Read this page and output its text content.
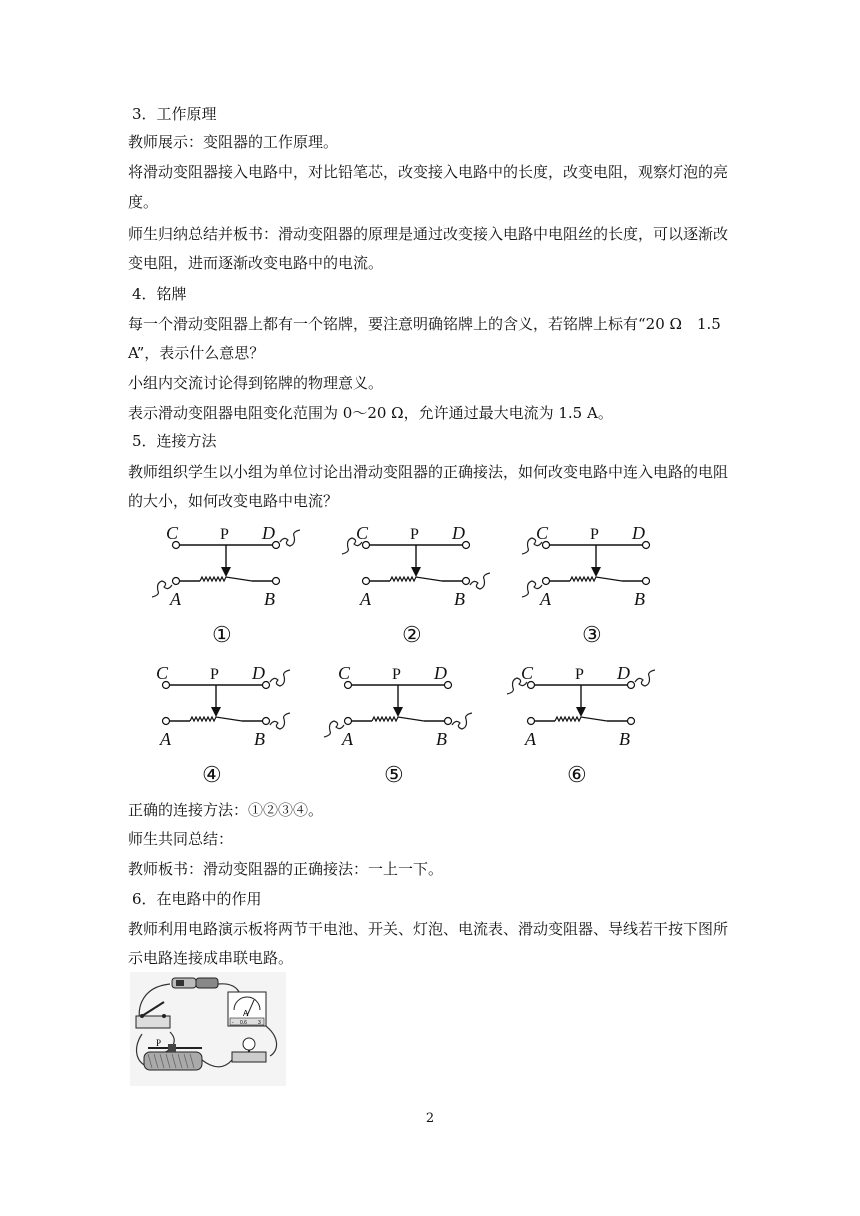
3．工作原理
教师展示：变阻器的工作原理。
将滑动变阻器接入电路中，对比铅笔芯，改变接入电路中的长度，改变电阻，观察灯泡的亮
度。
师生归纳总结并板书：滑动变阻器的原理是通过改变接入电路中电阻丝的长度，可以逐渐改
变电阻，进而逐渐改变电路中的电流。
4．铭牌
每一个滑动变阻器上都有一个铭牌，要注意明确铭牌上的含义，若铭牌上标有“20 Ω　1.5
A”，表示什么意思？
小组内交流讨论得到铭牌的物理意义。
表示滑动变阻器电阻变化范围为 0～20 Ω，允许通过最大电流为 1.5 A。
5．连接方法
教师组织学生以小组为单位讨论出滑动变阻器的正确接法，如何改变电路中连入电路的电阻
的大小，如何改变电路中电流？
C	P D
A	B
①
C	P D
A	B
②
C	P D
A	B
③
C	P D
A	B
④
C	P D
A	B
⑤
C	P D
A	B
⑥
正确的连接方法：①②③④。
师生共同总结：
教师板书：滑动变阻器的正确接法：一上一下。
6．在电路中的作用
教师利用电路演示板将两节干电池、开关、灯泡、电流表、滑动变阻器、导线若干按下图所
示电路连接成串联电路。
A
- 0.6 3
P
2
